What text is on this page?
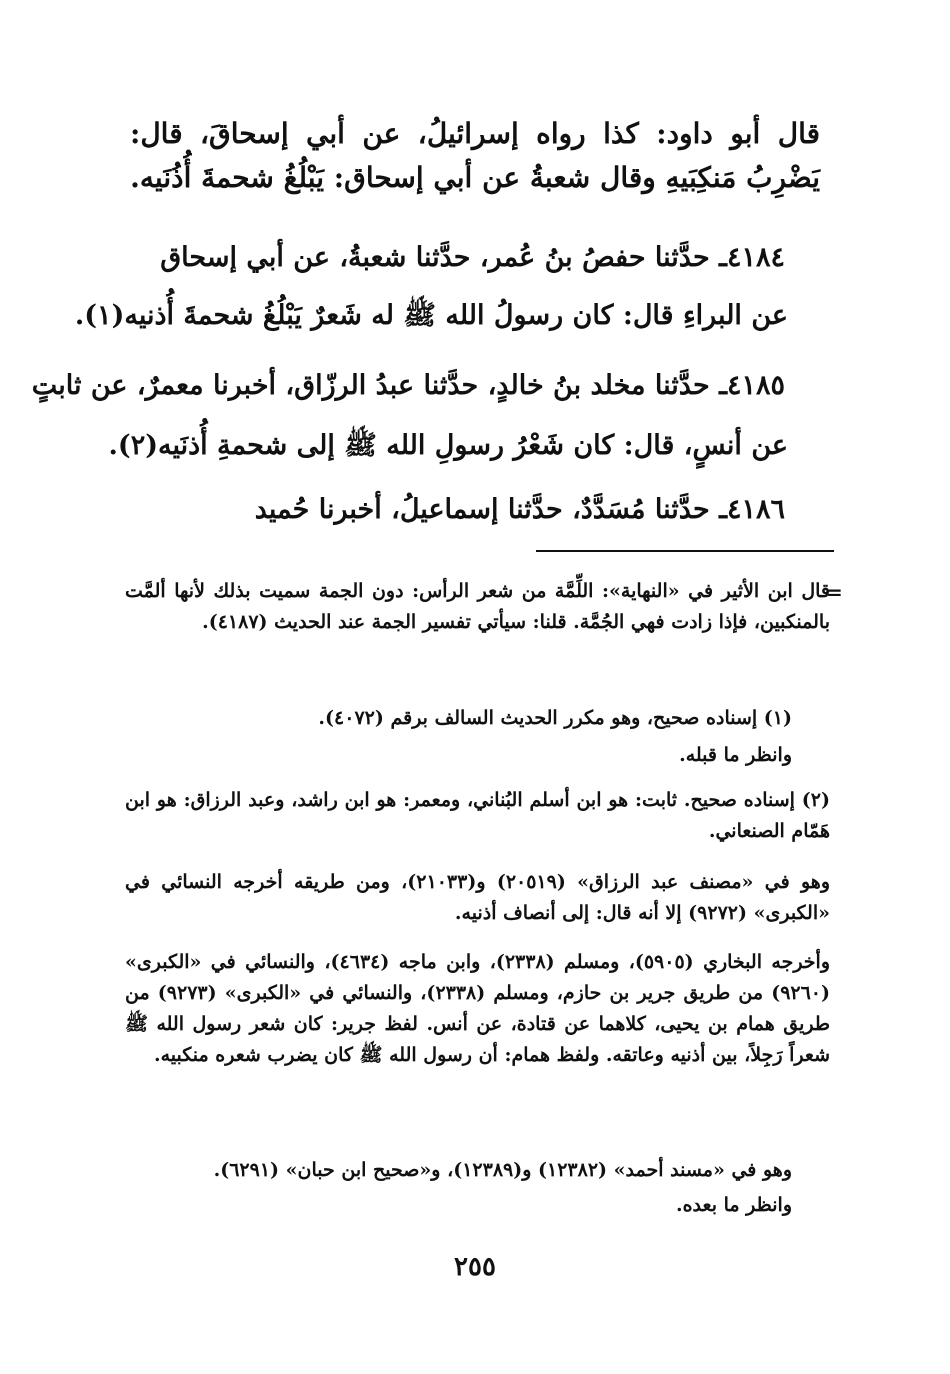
قال أبو داود: كذا رواه إسرائيلُ، عن أبي إسحاقَ، قال: يَضْرِبُ مَنكِبَيهِ وقال شعبةُ عن أبي إسحاق: يَبْلُغُ شحمةَ أُذُنَيه.
٤١٨٤ـ حدَّثنا حفصُ بنُ عُمر، حدَّثنا شعبةُ، عن أبي إسحاق
عن البراءِ قال: كان رسولُ الله ﷺ له شَعرٌ يَبْلُغُ شحمةَ أُذنيه(١).
٤١٨٥ـ حدَّثنا مخلد بنُ خالدٍ، حدَّثنا عبدُ الرزّاق، أخبرنا معمرٌ، عن ثابتٍ
عن أنسٍ، قال: كان شَعْرُ رسولِ الله ﷺ إلى شحمةِ أُذنَيه(٢).
٤١٨٦ـ حدَّثنا مُسَدَّدٌ، حدَّثنا إسماعيلُ، أخبرنا حُميد
=
قال ابن الأثير في «النهاية»: اللِّمَّة من شعر الرأس: دون الجمة سميت بذلك لأنها ألمَّت بالمنكبين، فإذا زادت فهي الجُمَّة. قلنا: سيأتي تفسير الجمة عند الحديث (٤١٨٧).
(١) إسناده صحيح، وهو مكرر الحديث السالف برقم (٤٠٧٢).
وانظر ما قبله.
(٢) إسناده صحيح. ثابت: هو ابن أسلم البُناني، ومعمر: هو ابن راشد، وعبد الرزاق: هو ابن هَمّام الصنعاني.
وهو في «مصنف عبد الرزاق» (٢٠٥١٩) و(٢١٠٣٣)، ومن طريقه أخرجه النسائي في «الكبرى» (٩٢٧٢) إلا أنه قال: إلى أنصاف أذنيه.
وأخرجه البخاري (٥٩٠٥)، ومسلم (٢٣٣٨)، وابن ماجه (٤٦٣٤)، والنسائي في «الكبرى» (٩٢٦٠) من طريق جرير بن حازم، ومسلم (٢٣٣٨)، والنسائي في «الكبرى» (٩٢٧٣) من طريق همام بن يحيى، كلاهما عن قتادة، عن أنس. لفظ جرير: كان شعر رسول الله ﷺ شعراً رَجِلاً، بين أذنيه وعاتقه. ولفظ همام: أن رسول الله ﷺ كان يضرب شعره منكبيه.
وهو في «مسند أحمد» (١٢٣٨٢) و(١٢٣٨٩)، و«صحيح ابن حبان» (٦٢٩١).
وانظر ما بعده.
٢٥٥
